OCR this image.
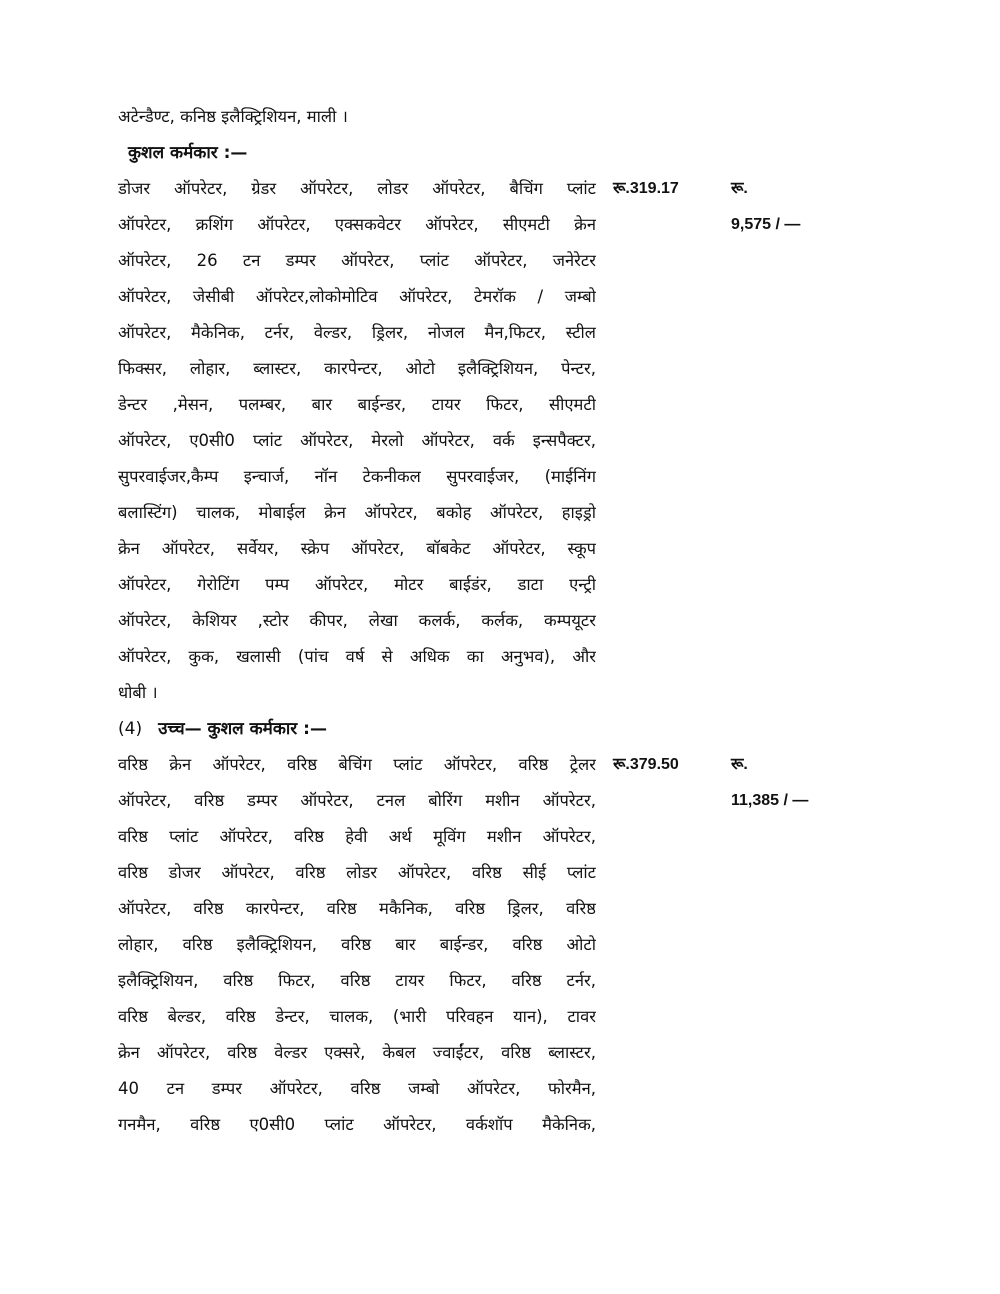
अटेन्डैण्ट, कनिष्ठ इलैक्ट्रिशियन, माली ।
कुशल कर्मकार :—
डोजर ऑपरेटर, ग्रेडर ऑपरेटर, लोडर ऑपरेटर, बैचिंग प्लांट
ऑपरेटर, क्रशिंग ऑपरेटर, एक्सकवेटर ऑपरेटर, सीएमटी क्रेन
ऑपरेटर, 26 टन डम्पर ऑपरेटर, प्लांट ऑपरेटर, जनेरेटर
ऑपरेटर, जेसीबी ऑपरेटर,लोकोमोटिव ऑपरेटर, टेमरॉक / जम्बो
ऑपरेटर, मैकेनिक, टर्नर, वेल्डर, ड्रिलर, नोजल मैन,फिटर, स्टील
फिक्सर, लोहार, ब्लास्टर, कारपेन्टर, ओटो इलैक्ट्रिशियन, पेन्टर,
डेन्टर ,मेसन, पलम्बर, बार बाईन्डर, टायर फिटर, सीएमटी
ऑपरेटर, ए0सी0 प्लांट ऑपरेटर, मेरलो ऑपरेटर, वर्क इन्सपैक्टर,
सुपरवाईजर,कैम्प इन्चार्ज, नॉन टेकनीकल सुपरवाईजर, (माईनिंग
बलास्टिंग) चालक, मोबाईल क्रेन ऑपरेटर, बकोह ऑपरेटर, हाइड्रो
क्रेन ऑपरेटर, सर्वेयर, स्क्रेप ऑपरेटर, बॉबकेट ऑपरेटर, स्कूप
ऑपरेटर, गेरोटिंग पम्प ऑपरेटर, मोटर बाईडंर, डाटा एन्ट्री
ऑपरेटर, केशियर ,स्टोर कीपर, लेखा कलर्क, कर्लक, कम्पयूटर
ऑपरेटर, कुक, खलासी (पांच वर्ष से अधिक का अनुभव), और
धोबी ।
रू.319.17	रू.
9,575 / —
(4) उच्च— कुशल कर्मकार :—
वरिष्ठ क्रेन ऑपरेटर, वरिष्ठ बेचिंग प्लांट ऑपरेटर, वरिष्ठ ट्रेलर
ऑपरेटर, वरिष्ठ डम्पर ऑपरेटर, टनल बोरिंग मशीन ऑपरेटर,
वरिष्ठ प्लांट ऑपरेटर, वरिष्ठ हेवी अर्थ मूविंग मशीन ऑपरेटर,
वरिष्ठ डोजर ऑपरेटर, वरिष्ठ लोडर ऑपरेटर, वरिष्ठ सीई प्लांट
ऑपरेटर, वरिष्ठ कारपेन्टर, वरिष्ठ मकैनिक, वरिष्ठ ड्रिलर, वरिष्ठ
लोहार, वरिष्ठ इलैक्ट्रिशियन, वरिष्ठ बार बाईन्डर, वरिष्ठ ओटो
इलैक्ट्रिशियन, वरिष्ठ फिटर, वरिष्ठ टायर फिटर, वरिष्ठ टर्नर,
वरिष्ठ बेल्डर, वरिष्ठ डेन्टर, चालक, (भारी परिवहन यान), टावर
क्रेन ऑपरेटर, वरिष्ठ वेल्डर एक्सरे, केबल ज्वाईंटर, वरिष्ठ ब्लास्टर,
40 टन डम्पर ऑपरेटर, वरिष्ठ जम्बो ऑपरेटर, फोरमैन,
गनमैन, वरिष्ठ ए0सी0 प्लांट ऑपरेटर, वर्कशॉप मैकेनिक,
रू.379.50	रू.
11,385 / —
